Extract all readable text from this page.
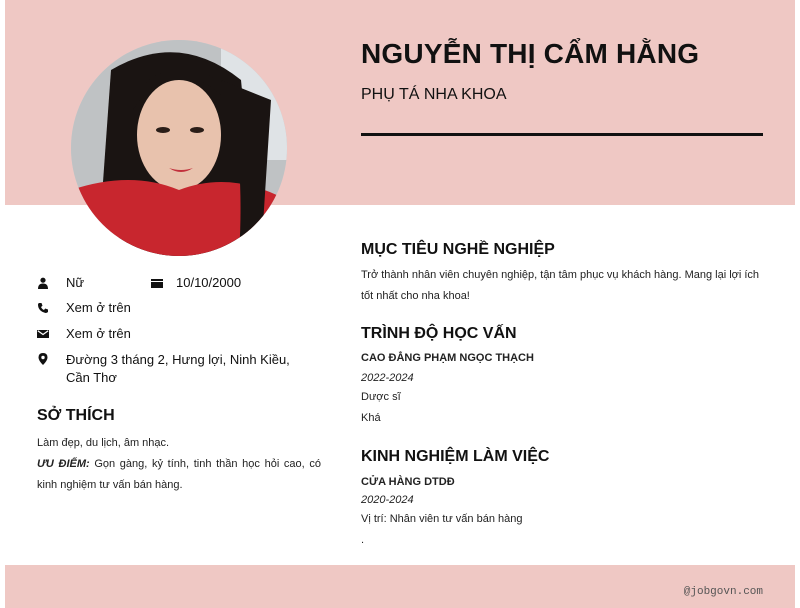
NGUYỄN THỊ CẨM HẰNG
PHỤ TÁ NHA KHOA
Nữ	10/10/2000
Xem ở trên
Xem ở trên
Đường 3 tháng 2, Hưng lợi, Ninh Kiều, Cần Thơ
SỞ THÍCH
Làm đẹp, du lịch, âm nhạc.
ƯU ĐIỂM: Gọn gàng, kỷ tính, tinh thần học hỏi cao, có kinh nghiệm tư vấn bán hàng.
MỤC TIÊU NGHỀ NGHIỆP
Trở thành nhân viên chuyên nghiệp, tận tâm phục vụ khách hàng. Mang lại lợi ích tốt nhất cho nha khoa!
TRÌNH ĐỘ HỌC VẤN
CAO ĐẲNG PHẠM NGỌC THẠCH
2022-2024
Dược sĩ
Khá
KINH NGHIỆM LÀM VIỆC
CỬA HÀNG DTDĐ
2020-2024
Vị trí: Nhân viên tư vấn bán hàng
.
@jobgovn.com
